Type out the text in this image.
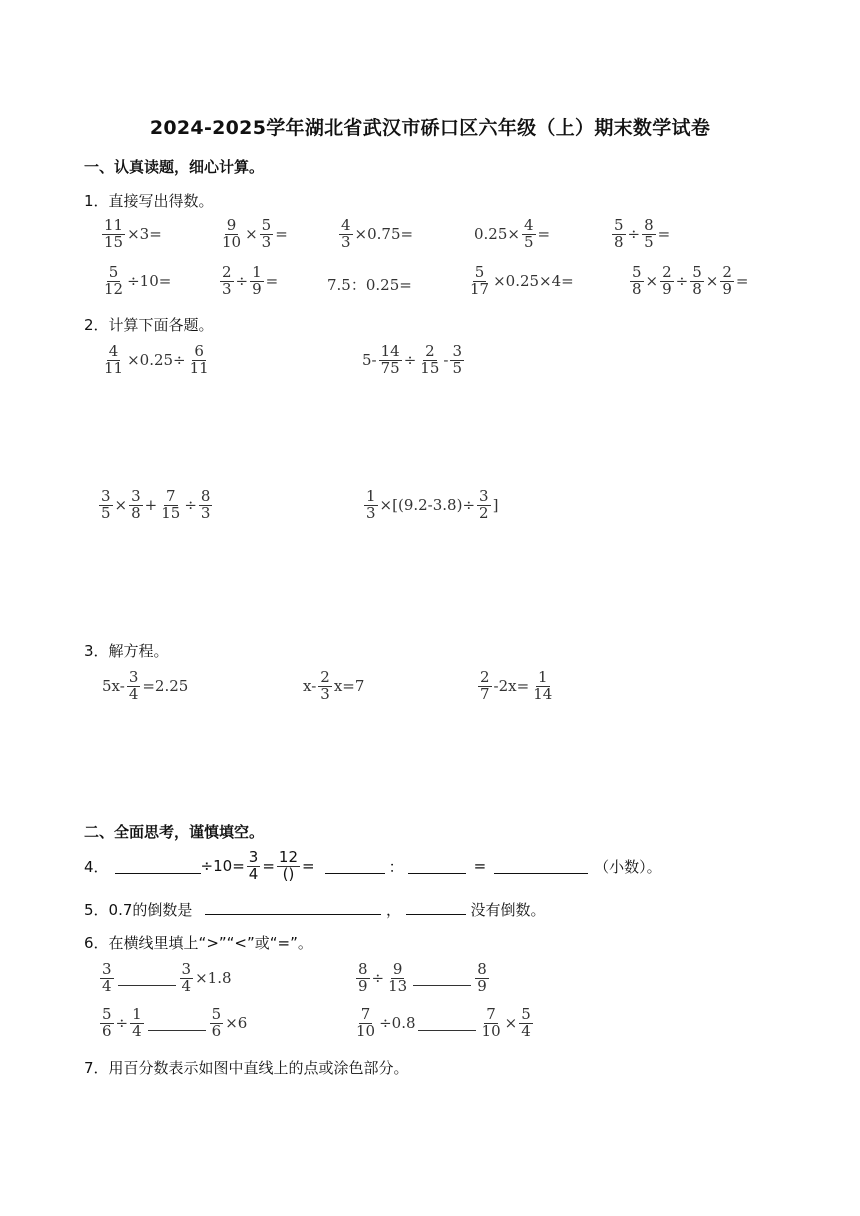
2024-2025学年湖北省武汉市硚口区六年级（上）期末数学试卷
一、认真读题，细心计算。
1．直接写出得数。
$\frac{11}{15} \times 3=$	$\frac{9}{10} \times \frac{5}{3}$ =	$\frac{4}{3} \times 0.75=$	$0.25\times \frac{4}{5}$ =	$\frac{5}{8} \div \frac{8}{5}$ =
$\frac{5}{12} \div 10=$	$\frac{2}{3} \div \frac{1}{9}$ =	7.5：0.25=	$\frac{5}{17} \times 0.25\times 4=$	$\frac{5}{8} \times \frac{2}{9} \div \frac{5}{8} \times \frac{2}{9}$ =
2．计算下面各题。
$\frac{4}{11} \times 0.25\div \frac{6}{11}$	$5- \frac{14}{75} \div \frac{2}{15} - \frac{3}{5}$
$\frac{3}{5} \times \frac{3}{8} + \frac{7}{15} \div \frac{8}{3}$	$\frac{1}{3} \times[(9.2-3.8)\div \frac{3}{2}$ ]
3．解方程。
$5x- \frac{3}{4} =2.25$	$x- \frac{2}{3} x=7$	$\frac{2}{7} -2x= \frac{1}{14}$
二、全面思考，谨慎填空。
4．	$\div 10= \frac{3}{4} = \frac{12}{()}$ =	：	=	（小数）。
5．0.7的倒数是	，	没有倒数。
6．在横线里填上“>”“<”或“=”。
$\frac{3}{4}$	$\frac{3}{4} \times 1.8$	$\frac{8}{9} \div \frac{9}{13}$	$\frac{8}{9}$
$\frac{5}{6} \div \frac{1}{4}$	$\frac{5}{6} \times 6$	$\frac{7}{10} \div 0.8$	$\frac{7}{10} \times \frac{5}{4}$
7．用百分数表示如图中直线上的点或涂色部分。
